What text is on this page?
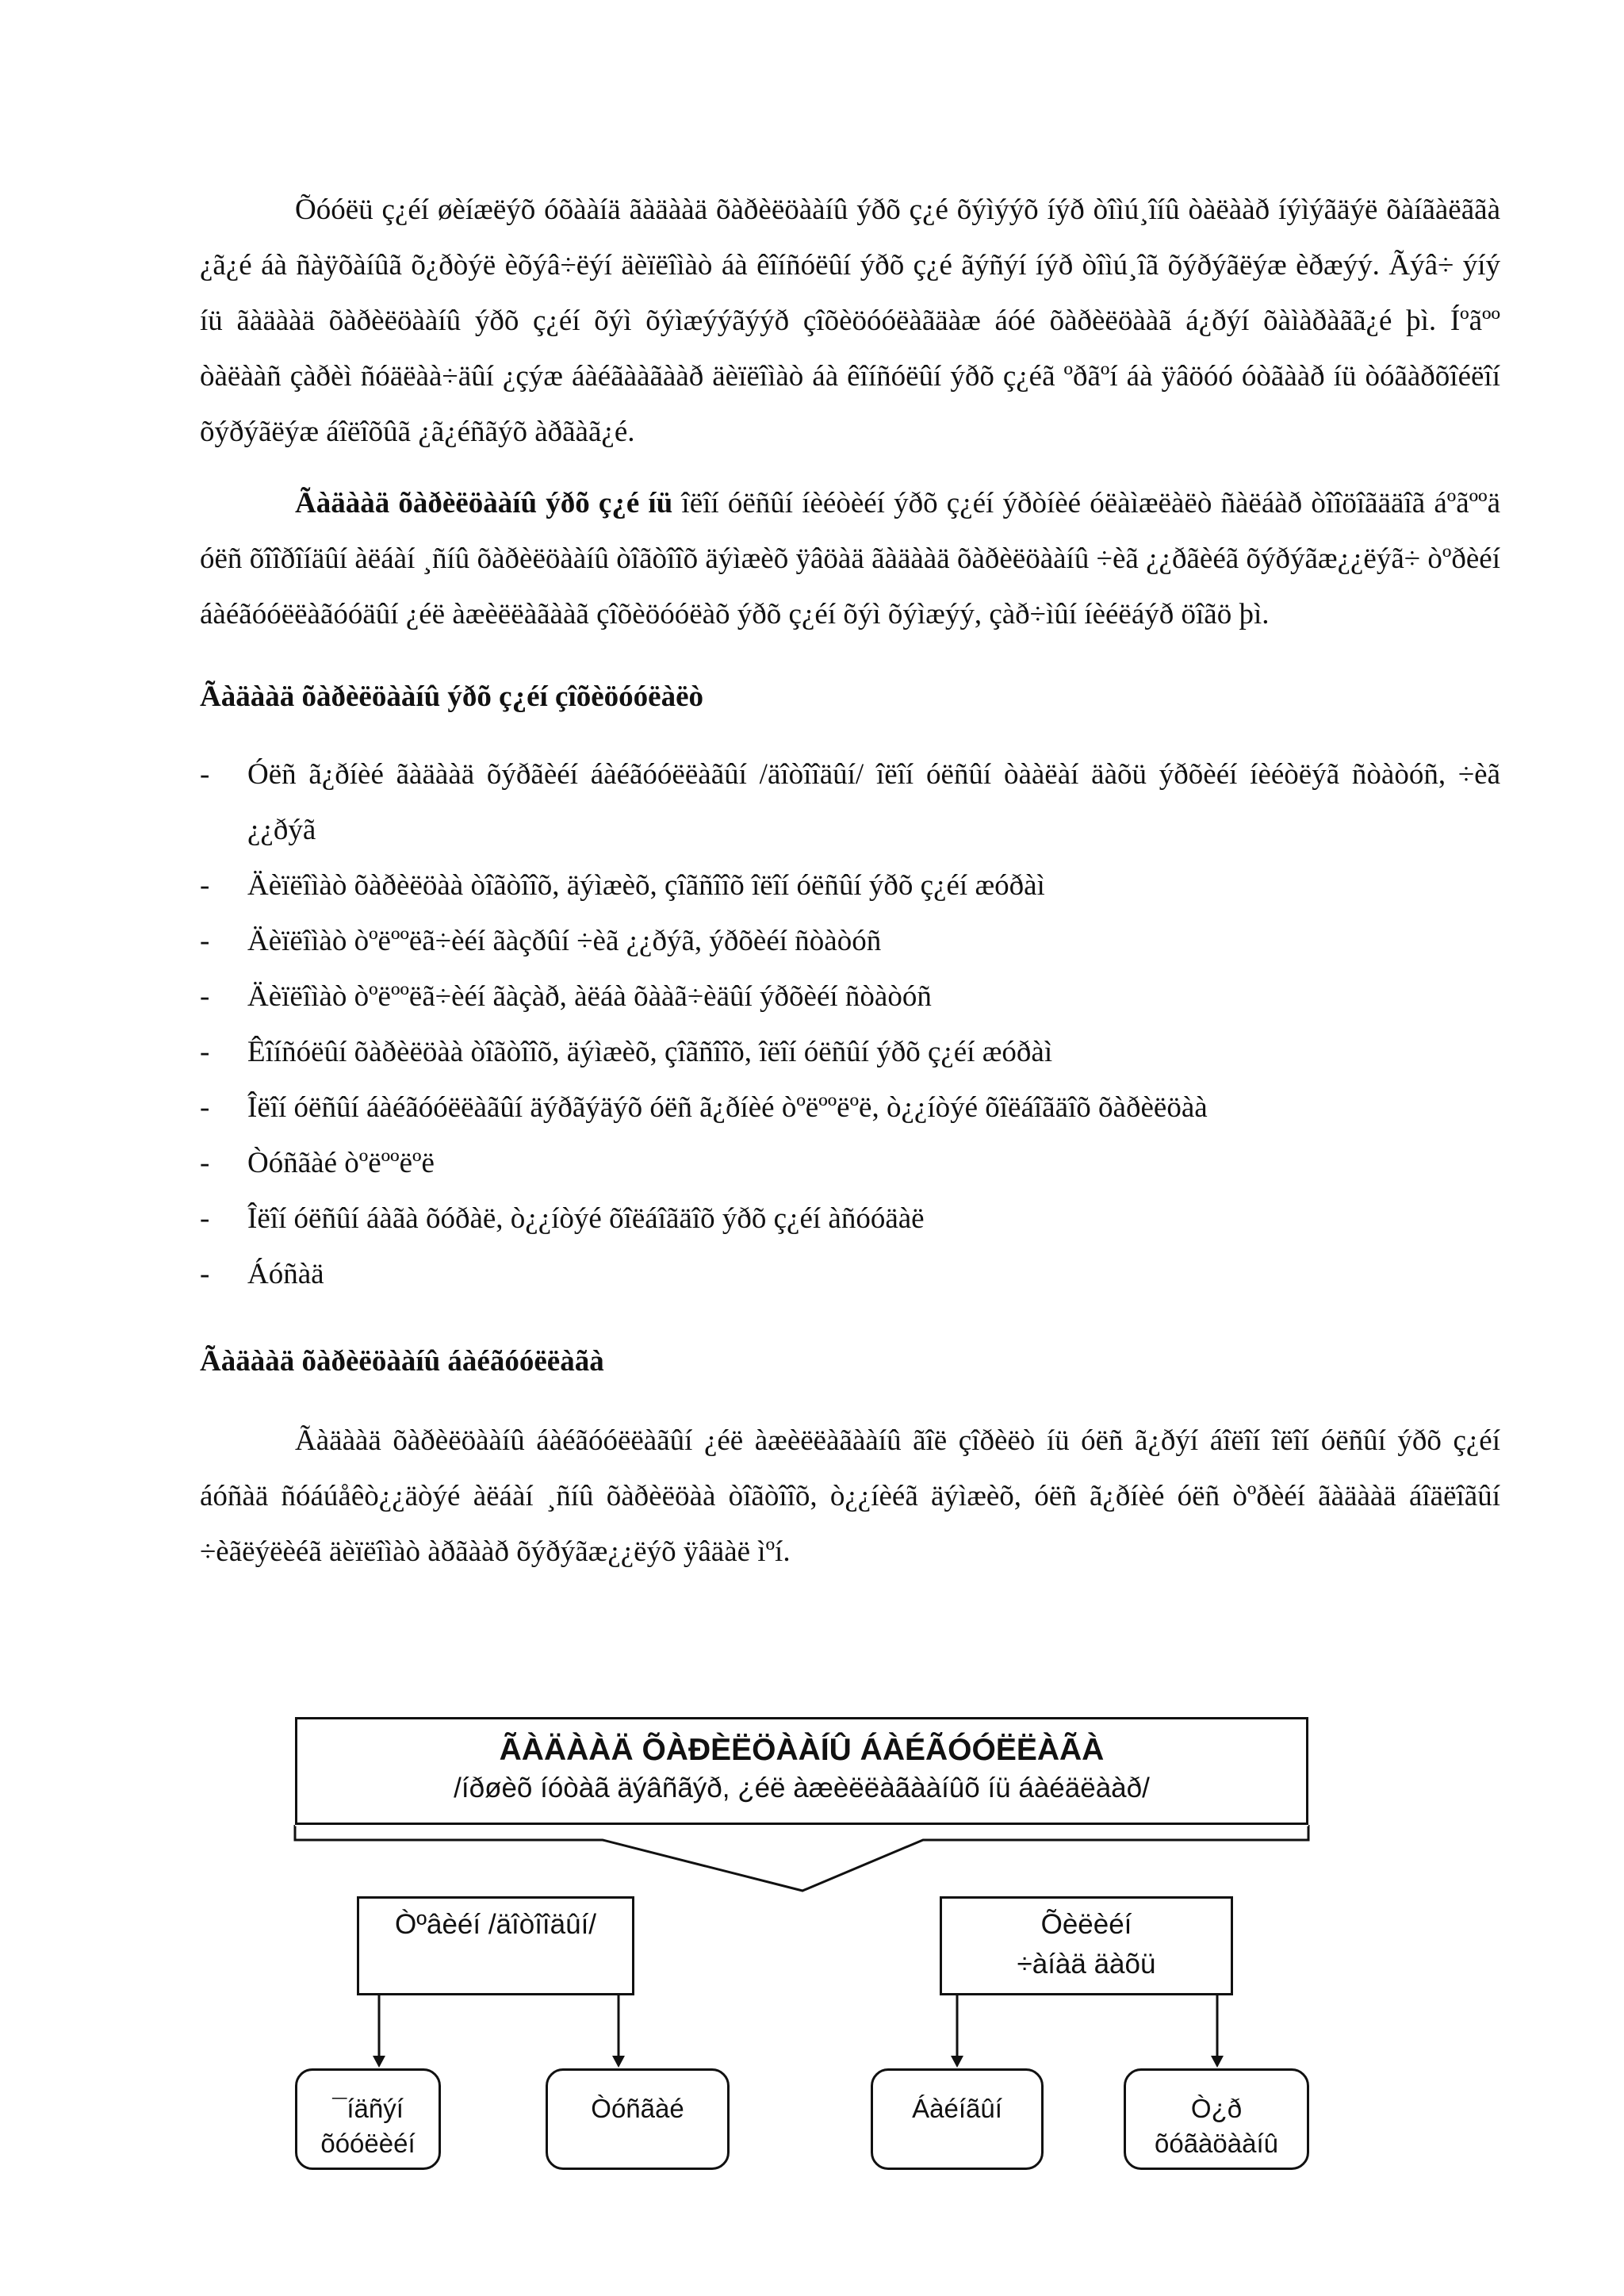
Õóóëü ç¿éí øèíæëýõ óõààíä ãàäààä õàðèëöààíû ýðõ ç¿é õýìýýõ íýð òîìú¸îíû òàëààð íýìýãäýë õàíãàëããà ¿ã¿é áà ñàÿõàíûã õ¿ðòýë èõýâ÷ëýí äèïëîìàò áà êîíñóëûí ýðõ ç¿é ãýñýí íýð òîìú¸îã õýðýãëýæ èðæýý. Ãýâ÷ ýíý íü ãàäààä õàðèëöààíû ýðõ ç¿éí õýì õýìæýýãýýð çîõèöóóëàãäàæ áóé õàðèëöààã á¿ðýí õàìàðàãã¿é þì. Íºãºº òàëààñ çàðèì ñóäëàà÷äûí ¿çýæ áàéãààãààð äèïëîìàò áà êîíñóëûí ýðõ ç¿éã ºðãºí áà ÿâöóó óòãààð íü òóãàðõîéëîí õýðýãëýæ áîëîõûã ¿ã¿éñãýõ àðãàã¿é.

Ãàäààä õàðèëöààíû ýðõ ç¿é íü îëîí óëñûí íèéòèéí ýðõ ç¿éí ýðòíèé óëàìæëàëò ñàëáàð òîîöîãääîã áºãººä óëñ õîîðîíäûí àëáàí ¸ñíû õàðèëöààíû òîãòîîõ äýìæèõ ÿâöàä ãàäààä õàðèëöààíû ÷èã ¿¿ðãèéã õýðýãæ¿¿ëýã÷ òºðèéí áàéãóóëëàãóóäûí ¿éë àæèëëàãààã çîõèöóóëàõ ýðõ ç¿éí õýì õýìæýý, çàð÷ìûí íèéëáýð öîãö þì.

Ãàäààä õàðèëöààíû ýðõ ç¿éí çîõèöóóëàëò
- Óëñ ã¿ðíèé ãàäààä õýðãèéí áàéãóóëëàãûí /äîòîîäûí/ îëîí óëñûí òààëàí äàõü ýðõèéí íèéòëýã ñòàòóñ, ÷èã ¿¿ðýã
- Äèïëîìàò õàðèëöàà òîãòîîõ, äýìæèõ, çîãñîîõ îëîí óëñûí ýðõ ç¿éí æóðàì
- Äèïëîìàò òºëººëã÷èéí ãàçðûí ÷èã ¿¿ðýã, ýðõèéí ñòàòóñ
- Äèïëîìàò òºëººëã÷èéí ãàçàð, àëáà õààã÷èäûí ýðõèéí ñòàòóñ
- Êîíñóëûí õàðèëöàà òîãòîîõ, äýìæèõ, çîãñîîõ, îëîí óëñûí ýðõ ç¿éí æóðàì
- Îëîí óëñûí áàéãóóëëàãûí äýðãýäýõ óëñ ã¿ðíèé òºëººëºë, ò¿¿íòýé õîëáîãäîõ õàðèëöàà
- Òóñãàé òºëººëºë
- Îëîí óëñûí áàãà õóðàë, ò¿¿íòýé õîëáîãäîõ ýðõ ç¿éí àñóóäàë
- Áóñàä
Ãàäààä õàðèëöààíû áàéãóóëëàãà

Ãàäààä õàðèëöààíû áàéãóóëëàãûí ¿éë àæèëëàãààíû ãîë çîðèëò íü óëñ ã¿ðýí áîëîí îëîí óëñûí ýðõ ç¿éí áóñàä ñóáúåêò¿¿äòýé àëáàí ¸ñíû õàðèëöàà òîãòîîõ, ò¿¿íèéã äýìæèõ, óëñ ã¿ðíèé óëñ òºðèéí ãàäààä áîäëîãûí ÷èãëýëèéã äèïëîìàò àðãààð õýðýãæ¿¿ëýõ ÿâäàë ìºí.

ÃÀÄÀÀÄ ÕÀÐÈËÖÀÀÍÛ ÁÀÉÃÓÓËËÀÃÀ
/íðøèõ íóòàã äýâñãýð, ¿éë àæèëëàãààíûõ íü áàéäëààð/
Òºâèéí /äîòîîäûí/	Õèëèéí
÷àíàä äàõü
¯íäñýí
õóóëèéí
Òóñãàé	Áàéíãûí	Ò¿ð
õóãàöààíû
